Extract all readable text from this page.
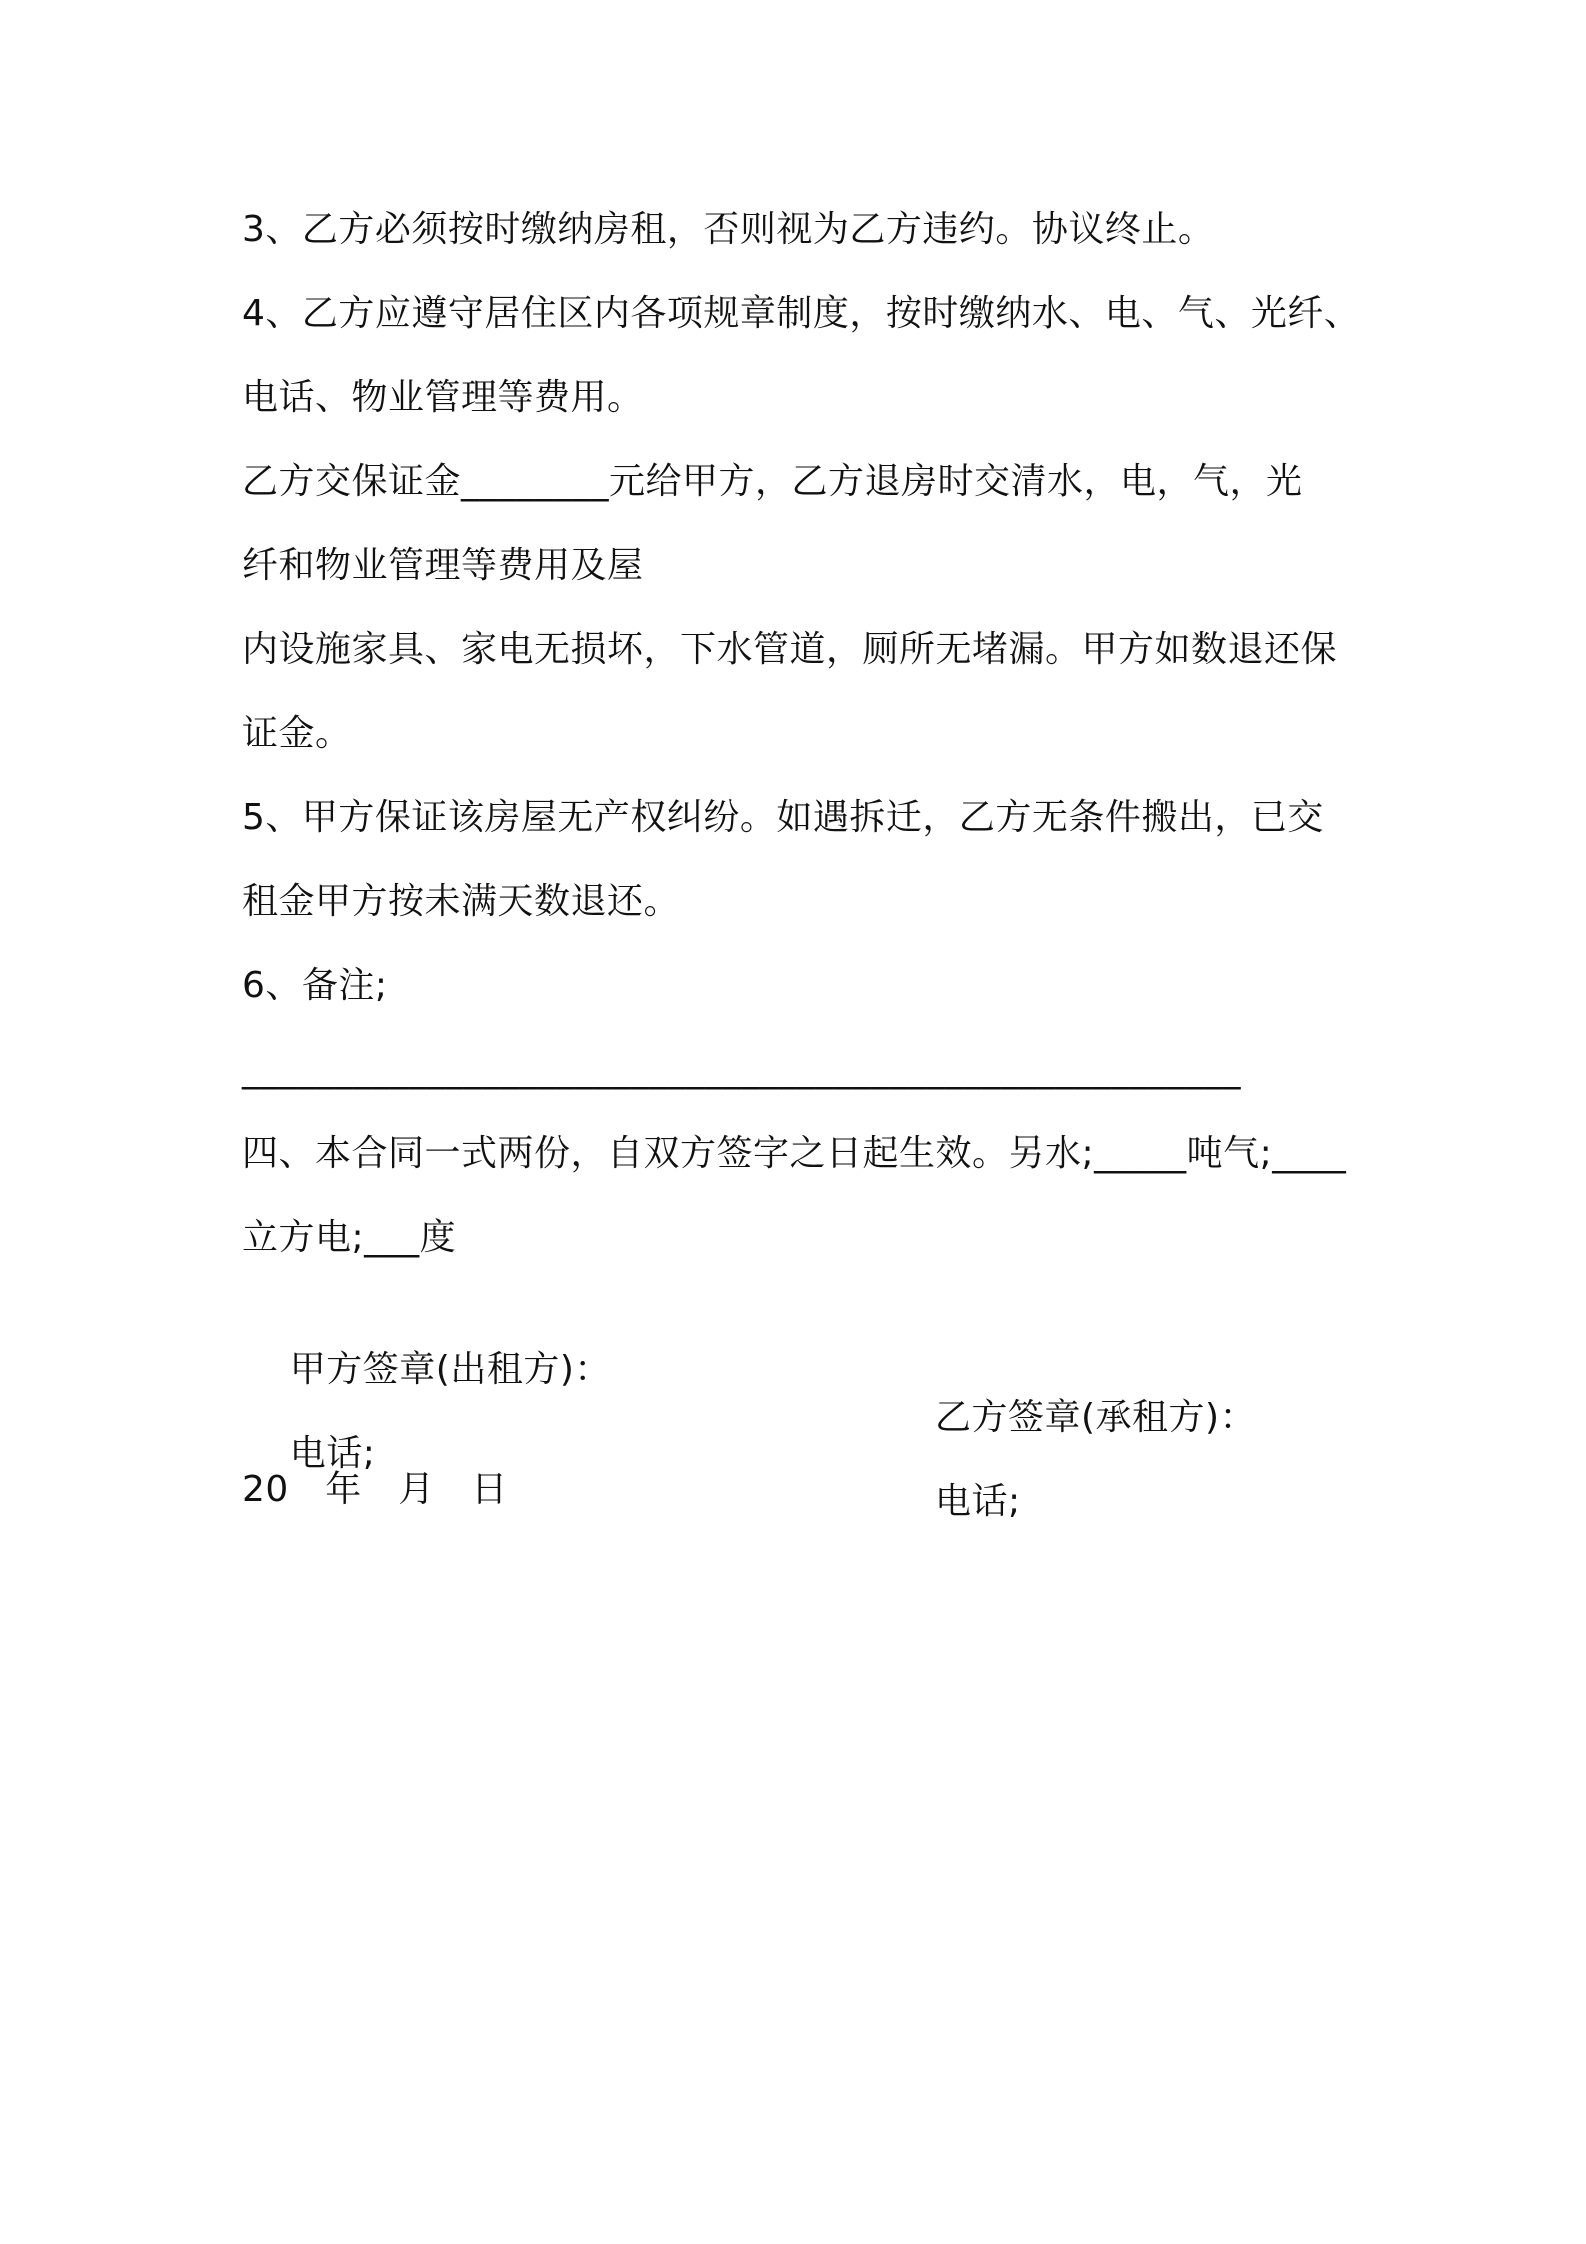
3、乙方必须按时缴纳房租，否则视为乙方违约。协议终止。

4、乙方应遵守居住区内各项规章制度，按时缴纳水、电、气、光纤、

电话、物业管理等费用。

乙方交保证金________元给甲方，乙方退房时交清水，电，气，光

纤和物业管理等费用及屋

内设施家具、家电无损坏，下水管道，厕所无堵漏。甲方如数退还保

证金。

5、甲方保证该房屋无产权纠纷。如遇拆迁，乙方无条件搬出，已交

租金甲方按未满天数退还。

6、备注;

______________________________________________________

四、本合同一式两份，自双方签字之日起生效。另水;_____吨气;____

立方电;___度

甲方签章(出租方)：

乙方签章(承租方)：

电话;

电话;

20　年　月　日
